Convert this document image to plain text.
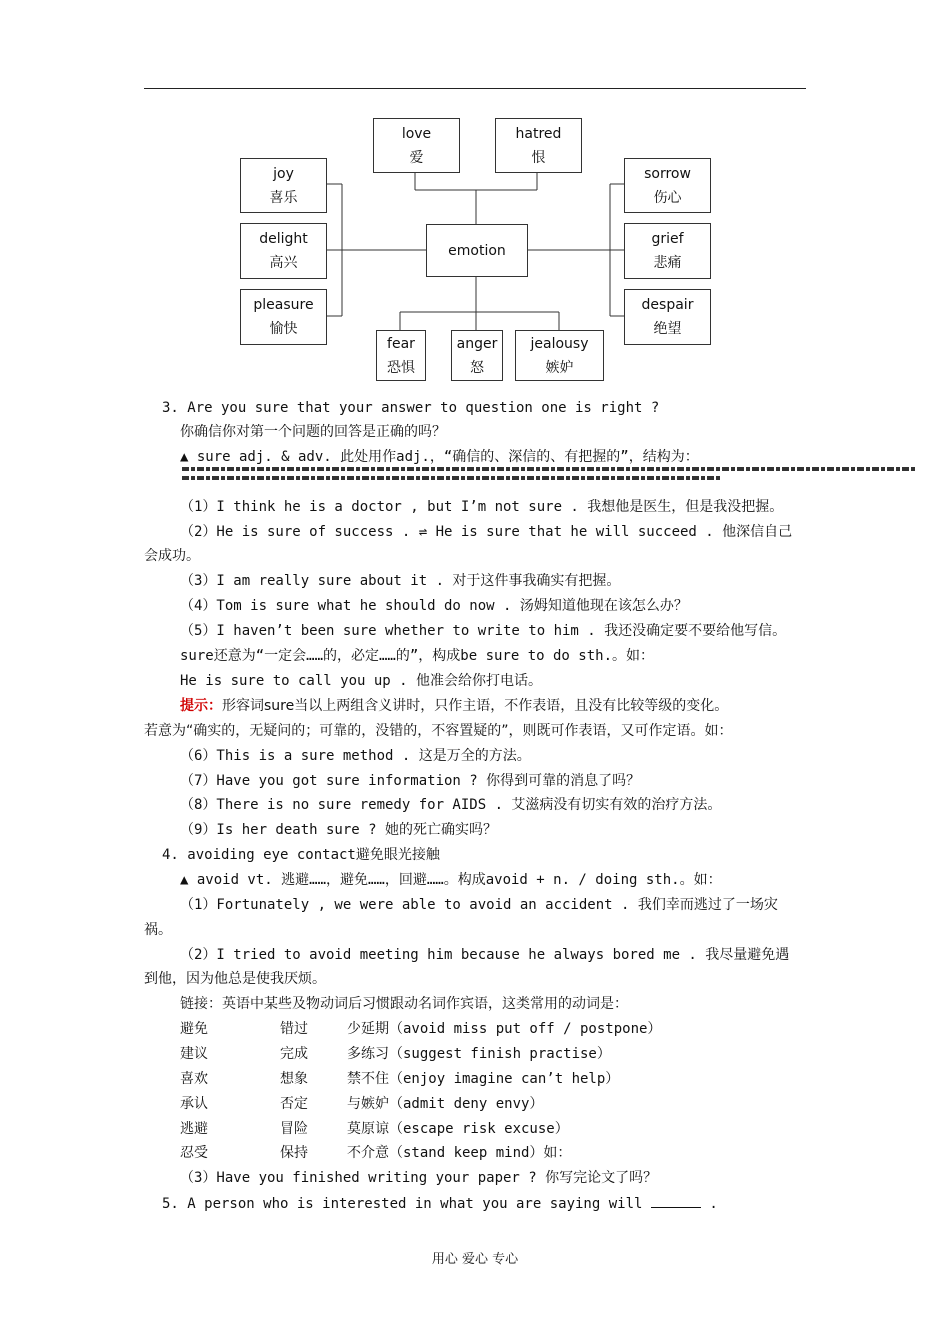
emotion
love
爱
hatred
恨
joy
喜乐
delight
高兴
pleasure
愉快
sorrow
伤心
grief
悲痛
despair
绝望
fear
恐惧
anger
怒
jealousy
嫉妒
3. Are you sure that your answer to question one is right ?
你确信你对第一个问题的回答是正确的吗？
▲ sure adj. & adv. 此处用作adj.，“确信的、深信的、有把握的”，结构为：
（1）I think he is a doctor , but I’m not sure . 我想他是医生，但是我没把握。
（2）He is sure of success . ⇌ He is sure that he will succeed . 他深信自己
会成功。
（3）I am really sure about it . 对于这件事我确实有把握。
（4）Tom is sure what he should do now . 汤姆知道他现在该怎么办？
（5）I haven’t been sure whether to write to him . 我还没确定要不要给他写信。
sure还意为“一定会……的，必定……的”，构成be sure to do sth.。如：
He is sure to call you up . 他准会给你打电话。
提示：形容词sure当以上两组含义讲时，只作主语，不作表语，且没有比较等级的变化。
若意为“确实的，无疑问的；可靠的，没错的，不容置疑的”，则既可作表语，又可作定语。如：
（6）This is a sure method . 这是万全的方法。
（7）Have you got sure information ? 你得到可靠的消息了吗？
（8）There is no sure remedy for AIDS . 艾滋病没有切实有效的治疗方法。
（9）Is her death sure ? 她的死亡确实吗？
4. avoiding eye contact避免眼光接触
▲ avoid vt. 逃避……，避免……，回避……。构成avoid + n. / doing sth.。如：
（1）Fortunately , we were able to avoid an accident . 我们幸而逃过了一场灾
祸。
（2）I tried to avoid meeting him because he always bored me . 我尽量避免遇
到他，因为他总是使我厌烦。
链接：英语中某些及物动词后习惯跟动名词作宾语，这类常用的动词是：
避免	错过	少延期（avoid miss put off / postpone）
建议	完成	多练习（suggest finish practise）
喜欢	想象	禁不住（enjoy imagine can’t help）
承认	否定	与嫉妒（admit deny envy）
逃避	冒险	莫原谅（escape risk excuse）
忍受	保持	不介意（stand keep mind）如：
（3）Have you finished writing your paper ? 你写完论文了吗？
5. A person who is interested in what you are saying will	.
用心 爱心 专心
